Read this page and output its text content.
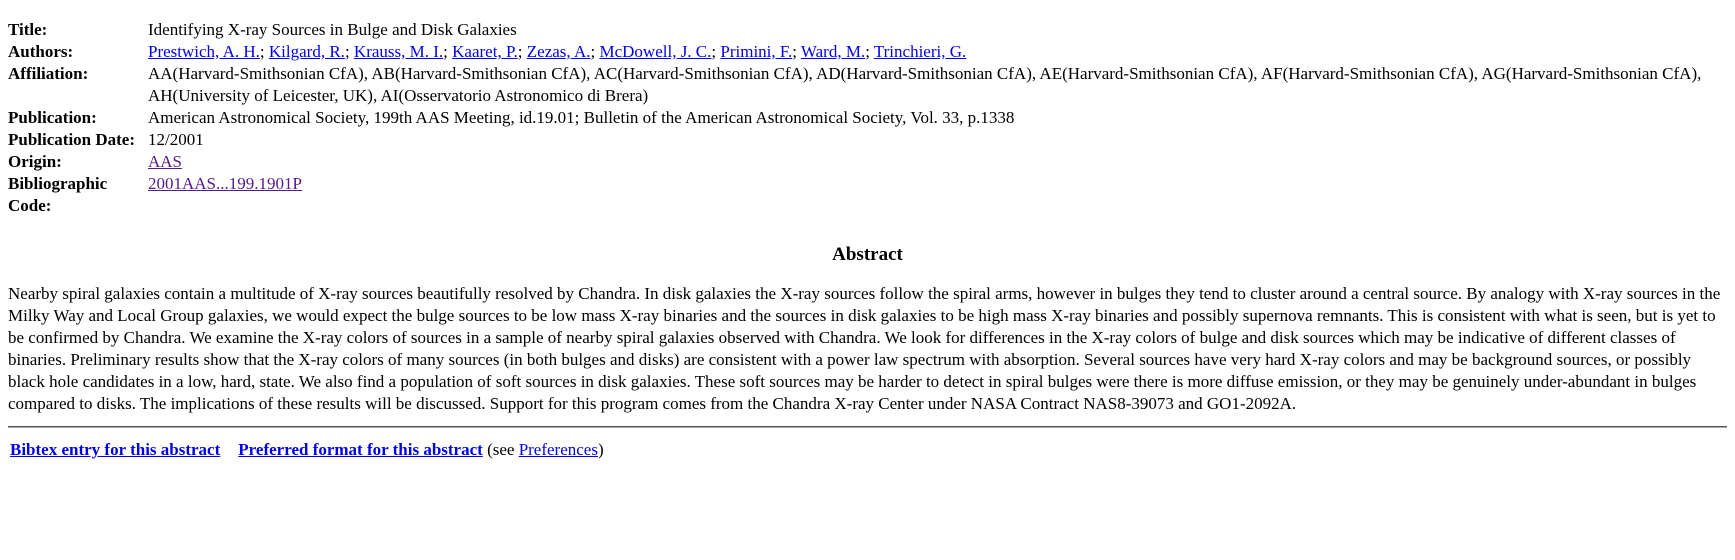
Title:	Identifying X-ray Sources in Bulge and Disk Galaxies
Authors:	Prestwich, A. H.; Kilgard, R.; Krauss, M. I.; Kaaret, P.; Zezas, A.; McDowell, J. C.; Primini, F.; Ward, M.; Trinchieri, G.
Affiliation:	AA(Harvard-Smithsonian CfA), AB(Harvard-Smithsonian CfA), AC(Harvard-Smithsonian CfA), AD(Harvard-Smithsonian CfA), AE(Harvard-Smithsonian CfA), AF(Harvard-Smithsonian CfA), AG(Harvard-Smithsonian CfA), AH(University of Leicester, UK), AI(Osservatorio Astronomico di Brera)
Publication:	American Astronomical Society, 199th AAS Meeting, id.19.01; Bulletin of the American Astronomical Society, Vol. 33, p.1338
Publication Date:	12/2001
Origin:	AAS
Bibliographic Code:	2001AAS...199.1901P
Abstract

Nearby spiral galaxies contain a multitude of X-ray sources beautifully resolved by Chandra. In disk galaxies the X-ray sources follow the spiral arms, however in bulges they tend to cluster around a central source. By analogy with X-ray sources in the Milky Way and Local Group galaxies, we would expect the bulge sources to be low mass X-ray binaries and the sources in disk galaxies to be high mass X-ray binaries and possibly supernova remnants. This is consistent with what is seen, but is yet to be confirmed by Chandra. We examine the X-ray colors of sources in a sample of nearby spiral galaxies observed with Chandra. We look for differences in the X-ray colors of bulge and disk sources which may be indicative of different classes of binaries. Preliminary results show that the X-ray colors of many sources (in both bulges and disks) are consistent with a power law spectrum with absorption. Several sources have very hard X-ray colors and may be background sources, or possibly black hole candidates in a low, hard, state. We also find a population of soft sources in disk galaxies. These soft sources may be harder to detect in spiral bulges were there is more diffuse emission, or they may be genuinely under-abundant in bulges compared to disks. The implications of these results will be discussed. Support for this program comes from the Chandra X-ray Center under NASA Contract NAS8-39073 and GO1-2092A.

Bibtex entry for this abstract Preferred format for this abstract (see Preferences)
